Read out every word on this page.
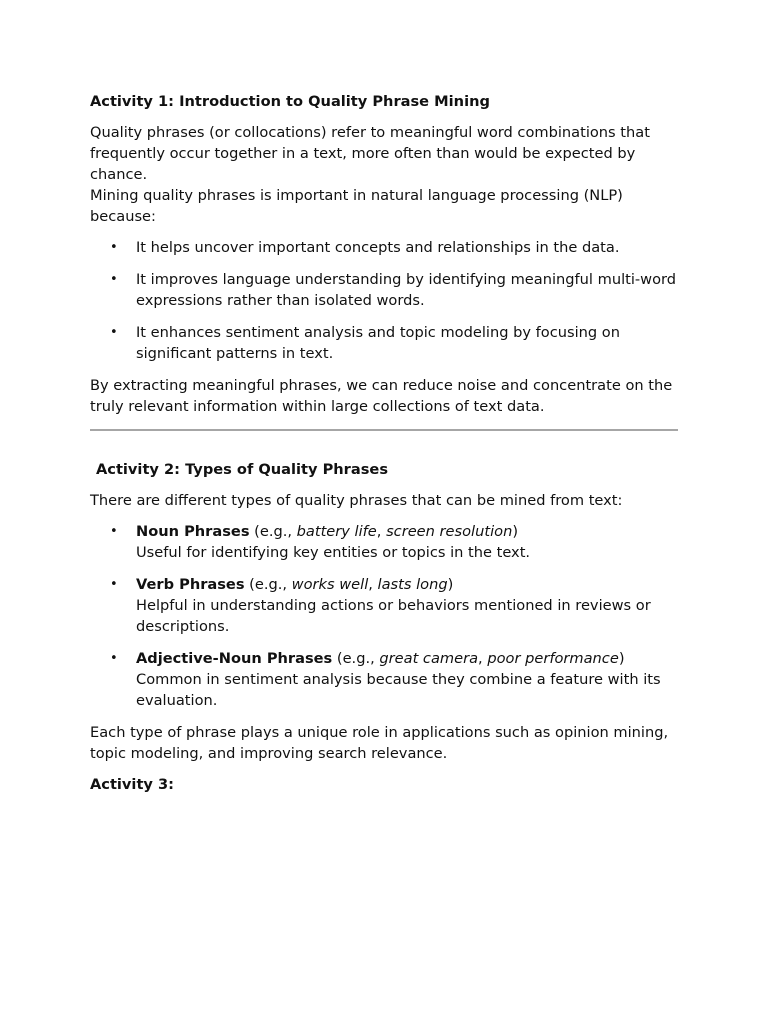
Activity 1: Introduction to Quality Phrase Mining

Quality phrases (or collocations) refer to meaningful word combinations that frequently occur together in a text, more often than would be expected by chance.
Mining quality phrases is important in natural language processing (NLP) because:

• It helps uncover important concepts and relationships in the data.
• It improves language understanding by identifying meaningful multi-word expressions rather than isolated words.
• It enhances sentiment analysis and topic modeling by focusing on significant patterns in text.

By extracting meaningful phrases, we can reduce noise and concentrate on the truly relevant information within large collections of text data.

Activity 2: Types of Quality Phrases

There are different types of quality phrases that can be mined from text:

• Noun Phrases (e.g., battery life, screen resolution)
Useful for identifying key entities or topics in the text.
• Verb Phrases (e.g., works well, lasts long)
Helpful in understanding actions or behaviors mentioned in reviews or descriptions.
• Adjective-Noun Phrases (e.g., great camera, poor performance)
Common in sentiment analysis because they combine a feature with its evaluation.

Each type of phrase plays a unique role in applications such as opinion mining, topic modeling, and improving search relevance.

Activity 3:
